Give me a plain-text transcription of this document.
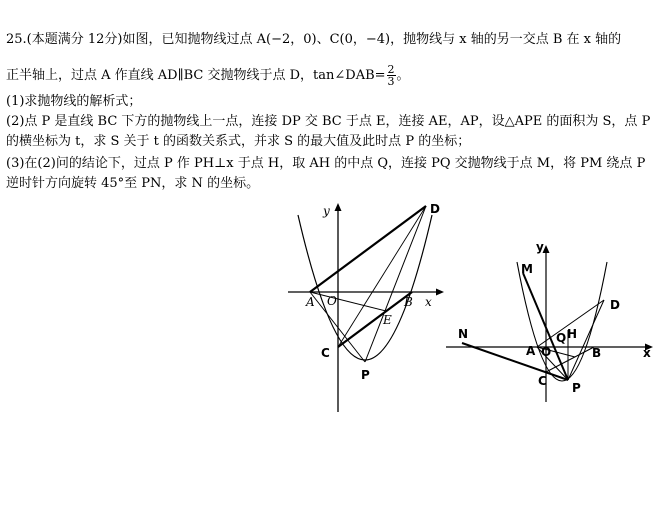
25.(本题满分 12分)如图，已知抛物线过点 A(−2，0)、C(0，−4)，抛物线与 x 轴的另一交点 B 在 x 轴的
正半轴上，过点 A 作直线 AD∥BC 交抛物线于点 D，tan∠DAB= $\frac{2}{3}$ 。
(1)求抛物线的解析式；
(2)点 P 是直线 BC 下方的抛物线上一点，连接 DP 交 BC 于点 E，连接 AE，AP，设△APE 的面积为 S，点 P
的横坐标为 t，求 S 关于 t 的函数关系式，并求 S 的最大值及此时点 P 的坐标；
(3)在(2)问的结论下，过点 P 作 PH⊥x 于点 H，取 AH 的中点 Q，连接 PQ 交抛物线于点 M，将 PM 绕点 P
逆时针方向旋转 45°至 PN，求 N 的坐标。
y	D
A O	B x
E
C
P
y
M
D
N	H
Q
A O	B	x
C P
